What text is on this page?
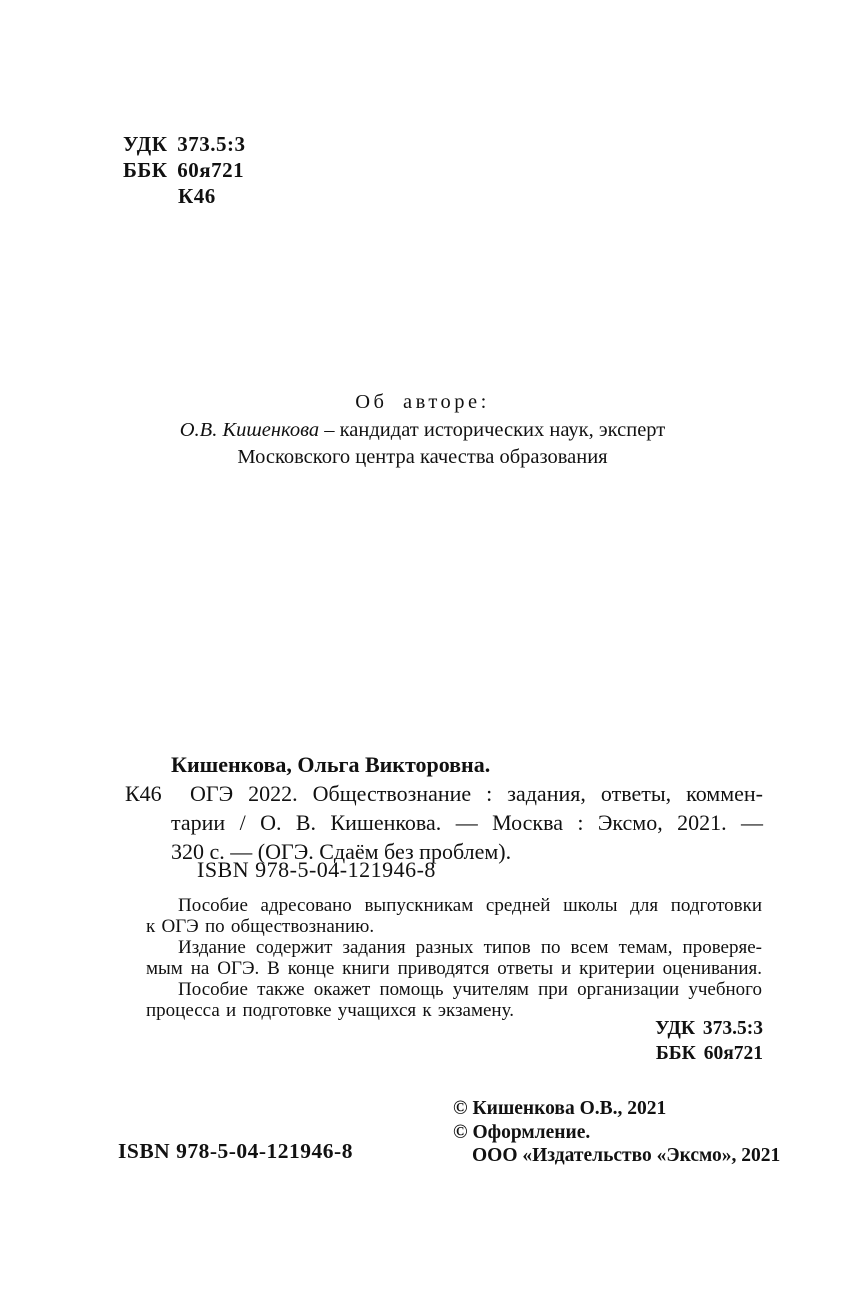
УДК 373.5:3
ББК 60я721
К46
Об авторе:
О.В. Кишенкова – кандидат исторических наук, эксперт
Московского центра качества образования
К46
Кишенкова, Ольга Викторовна.
ОГЭ 2022. Обществознание : задания, ответы, коммен-
тарии / О. В. Кишенкова. — Москва : Эксмо, 2021. —
320 с. — (ОГЭ. Сдаём без проблем).
ISBN 978-5-04-121946-8
Пособие адресовано выпускникам средней школы для подготовки
к ОГЭ по обществознанию.
Издание содержит задания разных типов по всем темам, проверяе-
мым на ОГЭ. В конце книги приводятся ответы и критерии оценивания.
Пособие также окажет помощь учителям при организации учебного
процесса и подготовке учащихся к экзамену.
УДК 373.5:3
ББК 60я721
© Кишенкова О.В., 2021
© Оформление.
ООО «Издательство «Эксмо», 2021
ISBN 978-5-04-121946-8
